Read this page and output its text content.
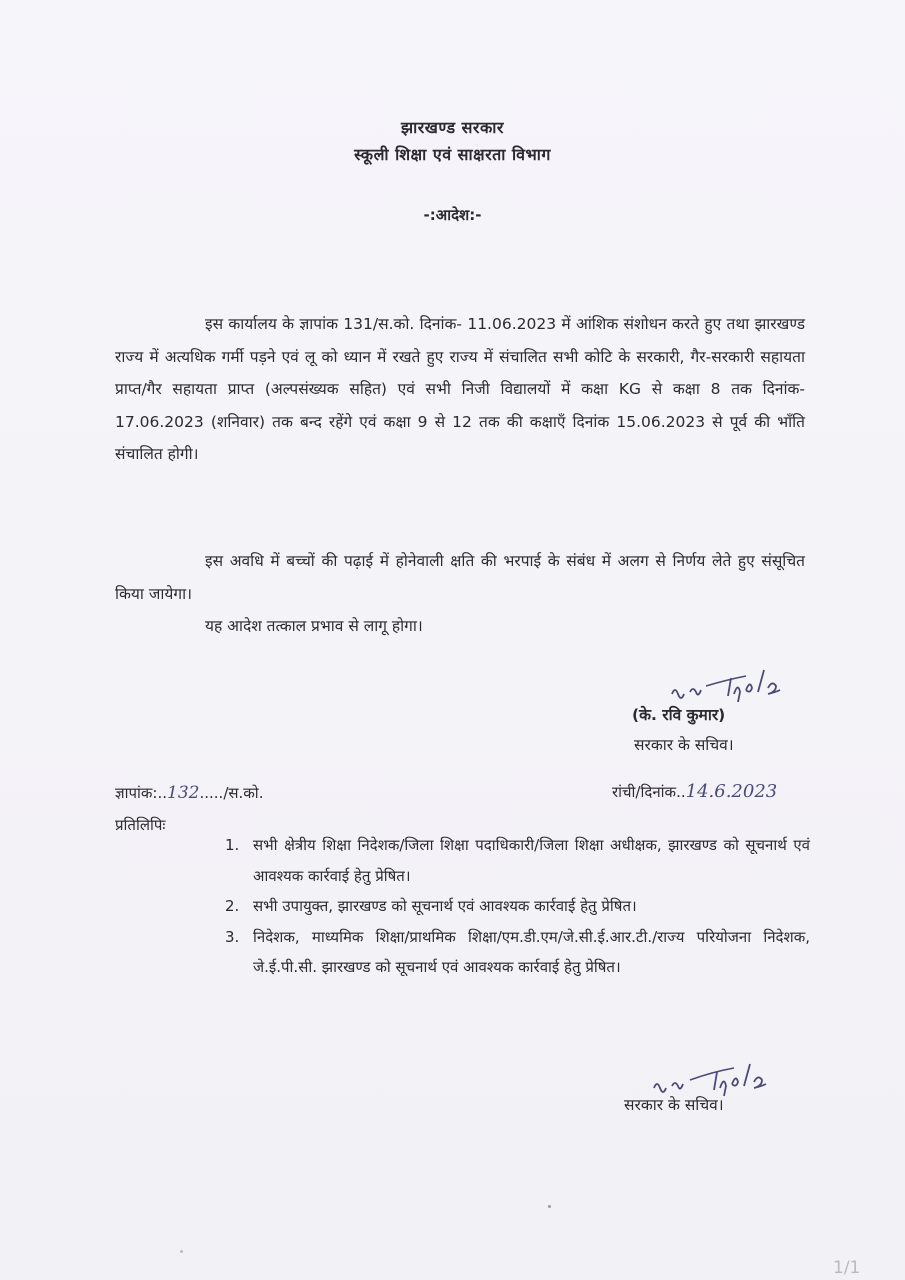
झारखण्ड सरकार
स्कूली शिक्षा एवं साक्षरता विभाग
-:आदेश:-
इस कार्यालय के ज्ञापांक 131/स.को. दिनांक- 11.06.2023 में आंशिक संशोधन करते हुए तथा झारखण्ड राज्य में अत्यधिक गर्मी पड़ने एवं लू को ध्यान में रखते हुए राज्य में संचालित सभी कोटि के सरकारी, गैर-सरकारी सहायता प्राप्त/गैर सहायता प्राप्त (अल्पसंख्यक सहित) एवं सभी निजी विद्यालयों में कक्षा KG से कक्षा 8 तक दिनांक- 17.06.2023 (शनिवार) तक बन्द रहेंगे एवं कक्षा 9 से 12 तक की कक्षाएँ दिनांक 15.06.2023 से पूर्व की भाँति संचालित होगी।
इस अवधि में बच्चों की पढ़ाई में होनेवाली क्षति की भरपाई के संबंध में अलग से निर्णय लेते हुए संसूचित किया जायेगा।
यह आदेश तत्काल प्रभाव से लागू होगा।
(के. रवि कुमार)
सरकार के सचिव।
ज्ञापांक:..132...../स.को.	रांची/दिनांक..14.6.2023
प्रतिलिपिः
1. सभी क्षेत्रीय शिक्षा निदेशक/जिला शिक्षा पदाधिकारी/जिला शिक्षा अधीक्षक, झारखण्ड को सूचनार्थ एवं आवश्यक कार्रवाई हेतु प्रेषित।
2. सभी उपायुक्त, झारखण्ड को सूचनार्थ एवं आवश्यक कार्रवाई हेतु प्रेषित।
3. निदेशक, माध्यमिक शिक्षा/प्राथमिक शिक्षा/एम.डी.एम/जे.सी.ई.आर.टी./राज्य परियोजना निदेशक, जे.ई.पी.सी. झारखण्ड को सूचनार्थ एवं आवश्यक कार्रवाई हेतु प्रेषित।
सरकार के सचिव।
1/1
